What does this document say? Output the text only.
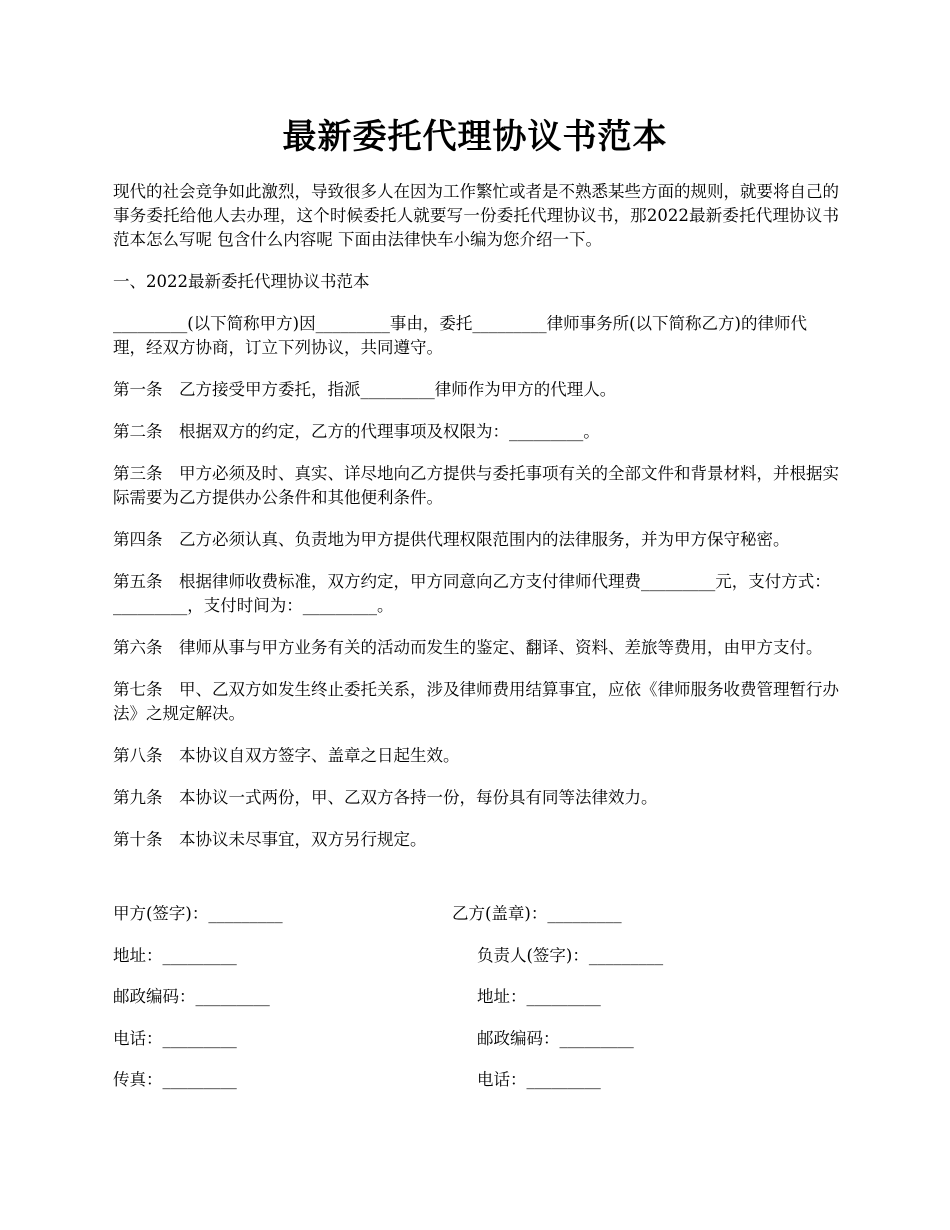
最新委托代理协议书范本

现代的社会竞争如此激烈，导致很多人在因为工作繁忙或者是不熟悉某些方面的规则，就要将自己的事务委托给他人去办理，这个时候委托人就要写一份委托代理协议书，那2022最新委托代理协议书范本怎么写呢 包含什么内容呢 下面由法律快车小编为您介绍一下。

一、2022最新委托代理协议书范本

_________(以下简称甲方)因_________事由，委托_________律师事务所(以下简称乙方)的律师代理，经双方协商，订立下列协议，共同遵守。

第一条　乙方接受甲方委托，指派_________律师作为甲方的代理人。

第二条　根据双方的约定，乙方的代理事项及权限为：_________。

第三条　甲方必须及时、真实、详尽地向乙方提供与委托事项有关的全部文件和背景材料，并根据实际需要为乙方提供办公条件和其他便利条件。

第四条　乙方必须认真、负责地为甲方提供代理权限范围内的法律服务，并为甲方保守秘密。

第五条　根据律师收费标准，双方约定，甲方同意向乙方支付律师代理费_________元，支付方式：_________，支付时间为：_________。

第六条　律师从事与甲方业务有关的活动而发生的鉴定、翻译、资料、差旅等费用，由甲方支付。

第七条　甲、乙双方如发生终止委托关系，涉及律师费用结算事宜，应依《律师服务收费管理暂行办法》之规定解决。

第八条　本协议自双方签字、盖章之日起生效。

第九条　本协议一式两份，甲、乙双方各持一份，每份具有同等法律效力。

第十条　本协议未尽事宜，双方另行规定。

甲方(签字)：_________	乙方(盖章)：_________
地址：_________	负责人(签字)：_________
邮政编码：_________	地址：_________
电话：_________	邮政编码：_________
传真：_________	电话：_________
